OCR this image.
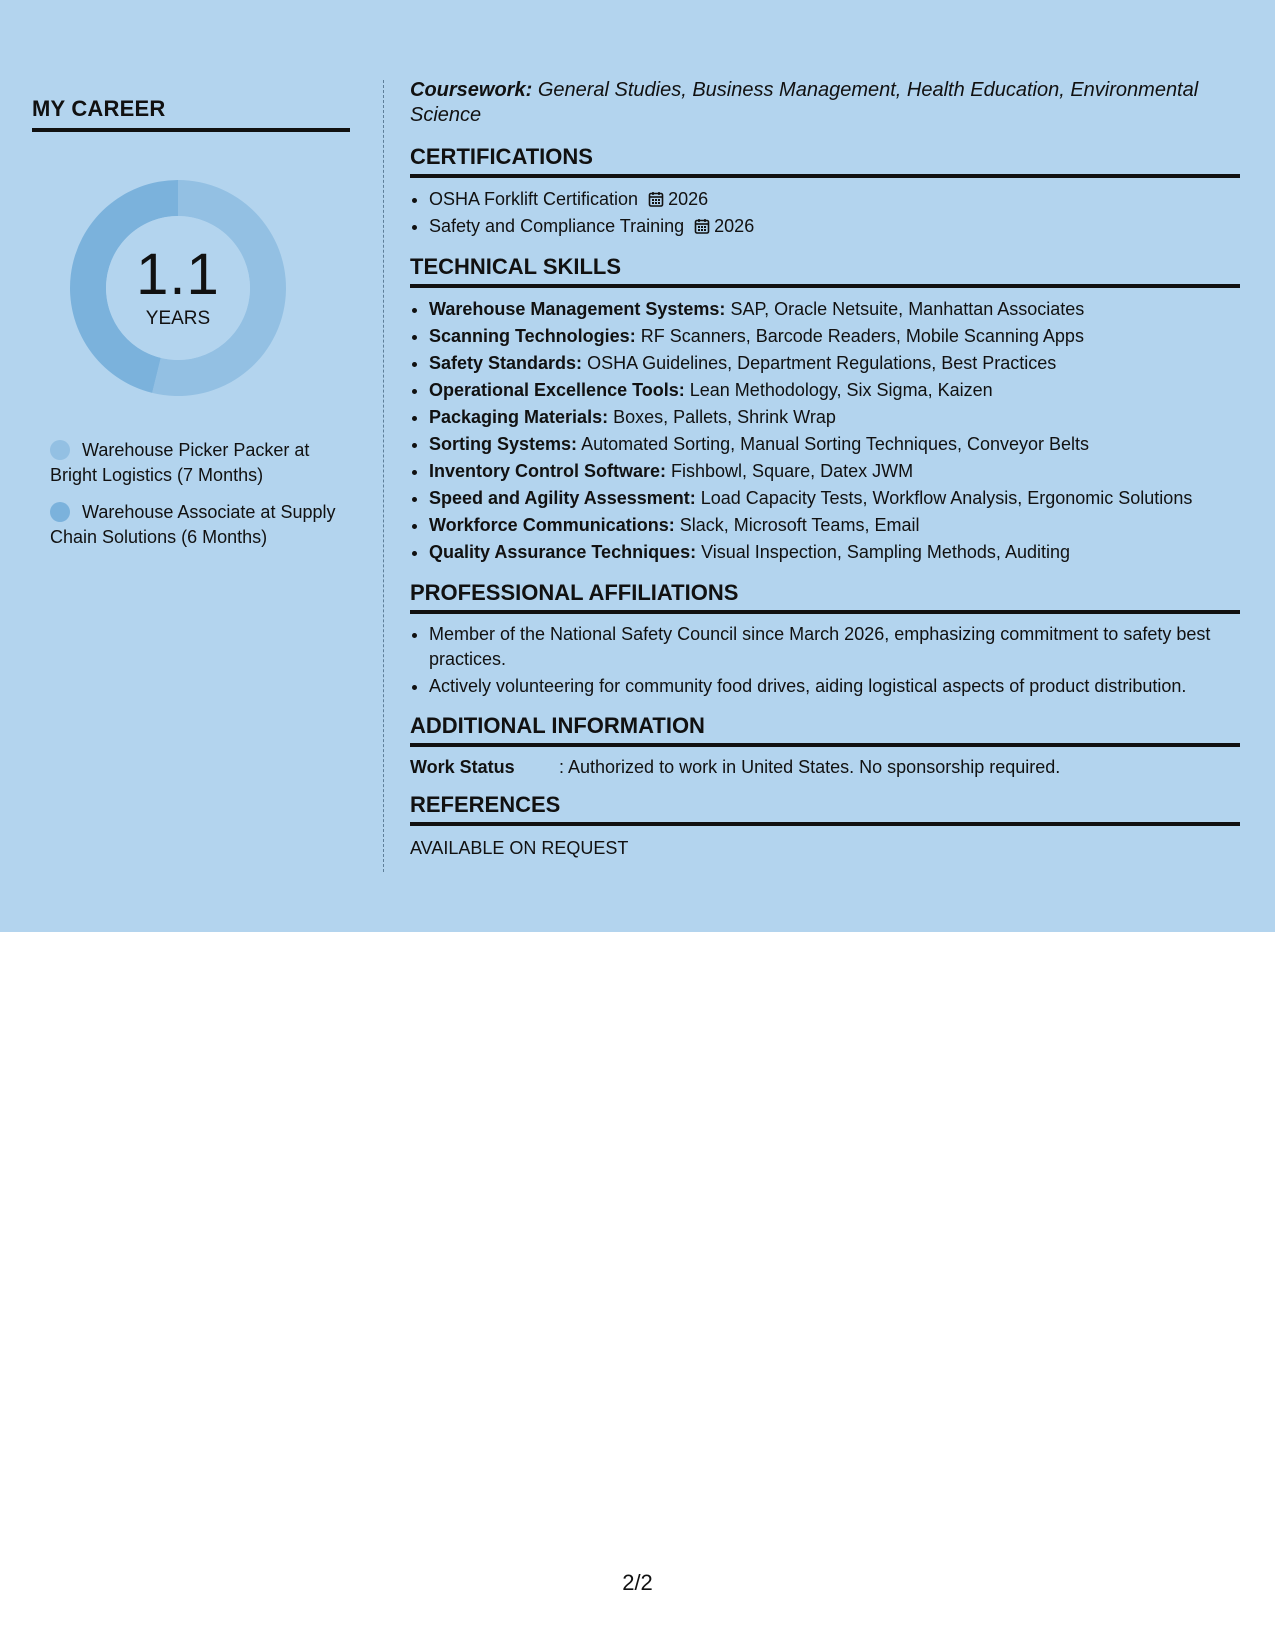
MY CAREER
1.1
YEARS
Warehouse Picker Packer at Bright Logistics (7 Months)
Warehouse Associate at Supply Chain Solutions (6 Months)

Coursework: General Studies, Business Management, Health Education, Environmental Science

CERTIFICATIONS
• OSHA Forklift Certification 2026
• Safety and Compliance Training 2026
TECHNICAL SKILLS
• Warehouse Management Systems: SAP, Oracle Netsuite, Manhattan Associates
• Scanning Technologies: RF Scanners, Barcode Readers, Mobile Scanning Apps
• Safety Standards: OSHA Guidelines, Department Regulations, Best Practices
• Operational Excellence Tools: Lean Methodology, Six Sigma, Kaizen
• Packaging Materials: Boxes, Pallets, Shrink Wrap
• Sorting Systems: Automated Sorting, Manual Sorting Techniques, Conveyor Belts
• Inventory Control Software: Fishbowl, Square, Datex JWM
• Speed and Agility Assessment: Load Capacity Tests, Workflow Analysis, Ergonomic Solutions
• Workforce Communications: Slack, Microsoft Teams, Email
• Quality Assurance Techniques: Visual Inspection, Sampling Methods, Auditing
PROFESSIONAL AFFILIATIONS
• Member of the National Safety Council since March 2026, emphasizing commitment to safety best practices.
• Actively volunteering for community food drives, aiding logistical aspects of product distribution.
ADDITIONAL INFORMATION
Work Status	: Authorized to work in United States. No sponsorship required.
REFERENCES
AVAILABLE ON REQUEST
2/2
